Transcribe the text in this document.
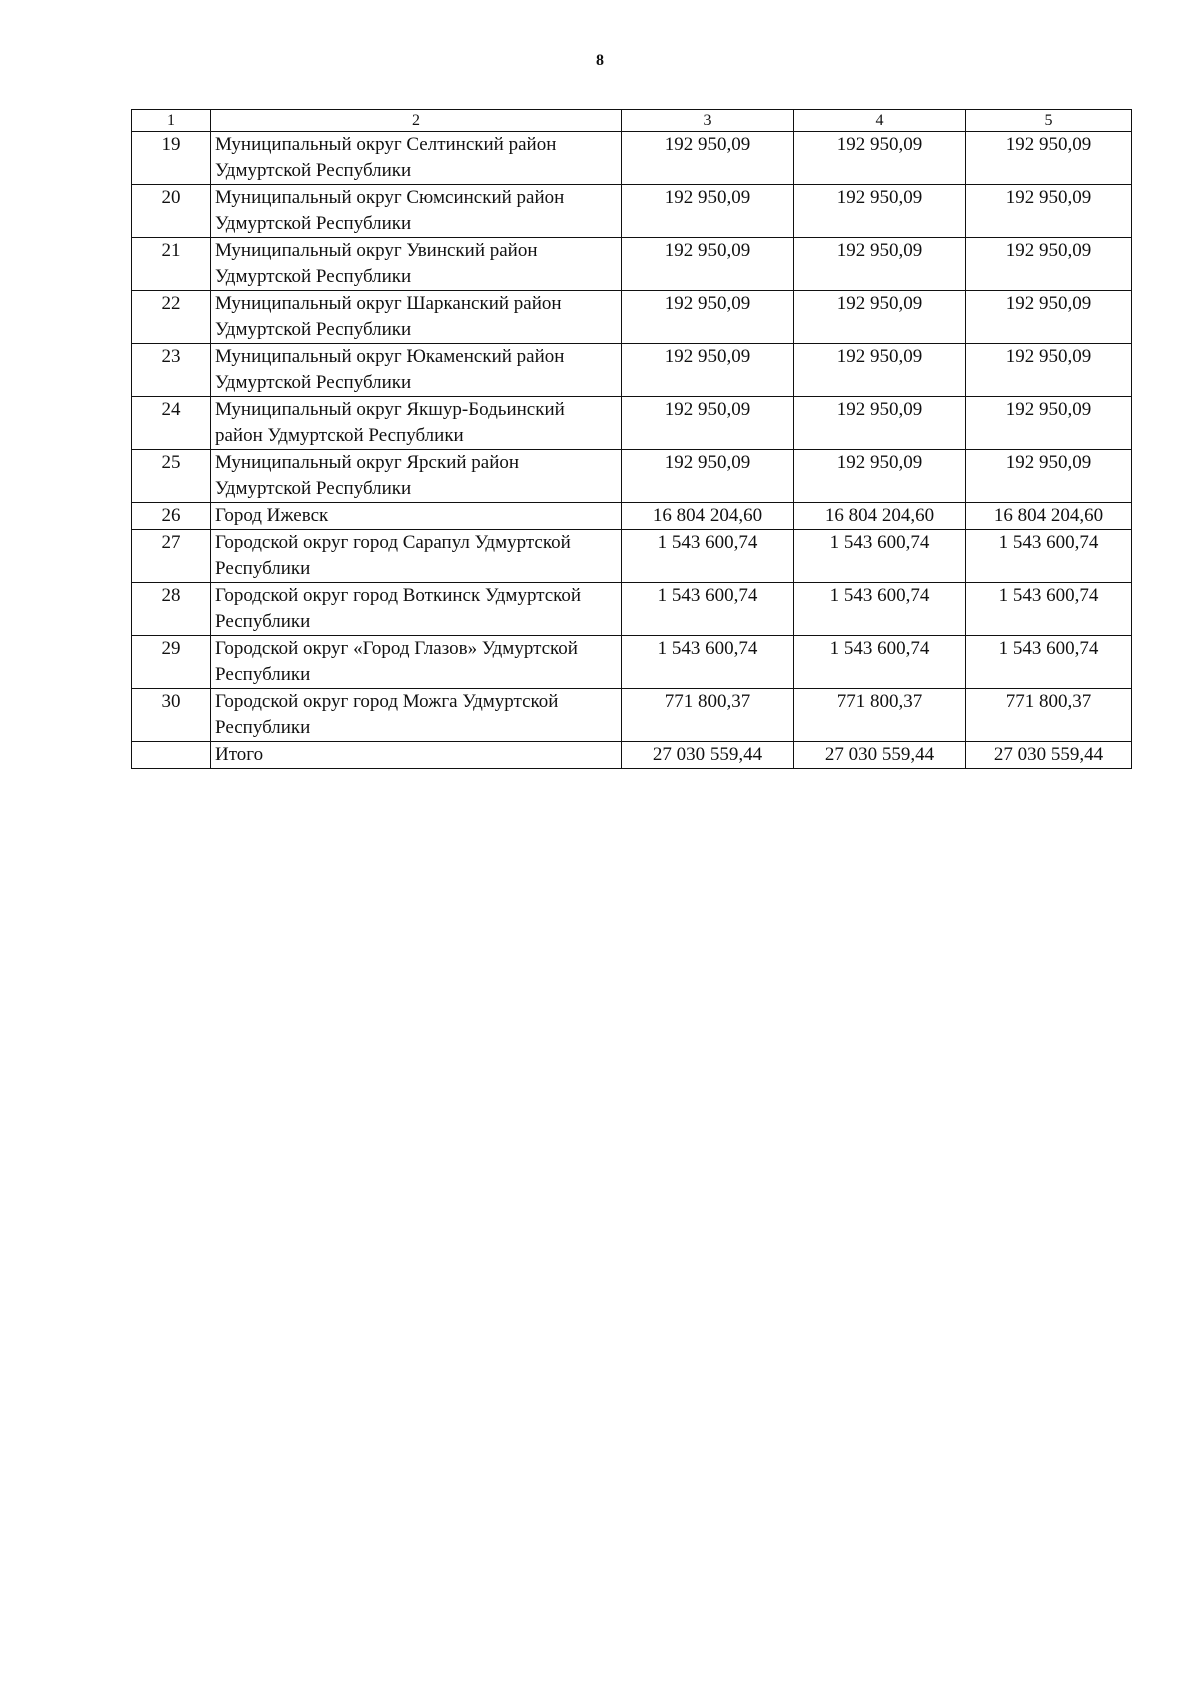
8
1	2	3	4	5
19	Муниципальный округ Селтинский район Удмуртской Республики	192 950,09	192 950,09	192 950,09
20	Муниципальный округ Сюмсинский район Удмуртской Республики	192 950,09	192 950,09	192 950,09
21	Муниципальный округ Увинский район Удмуртской Республики	192 950,09	192 950,09	192 950,09
22	Муниципальный округ Шарканский район Удмуртской Республики	192 950,09	192 950,09	192 950,09
23	Муниципальный округ Юкаменский район Удмуртской Республики	192 950,09	192 950,09	192 950,09
24	Муниципальный округ Якшур-Бодьинский район Удмуртской Республики	192 950,09	192 950,09	192 950,09
25	Муниципальный округ Ярский район Удмуртской Республики	192 950,09	192 950,09	192 950,09
26	Город Ижевск	16 804 204,60	16 804 204,60	16 804 204,60
27	Городской округ город Сарапул Удмуртской Республики	1 543 600,74	1 543 600,74	1 543 600,74
28	Городской округ город Воткинск Удмуртской Республики	1 543 600,74	1 543 600,74	1 543 600,74
29	Городской округ «Город Глазов» Удмуртской Республики	1 543 600,74	1 543 600,74	1 543 600,74
30	Городской округ город Можга Удмуртской Республики	771 800,37	771 800,37	771 800,37
	Итого	27 030 559,44	27 030 559,44	27 030 559,44
